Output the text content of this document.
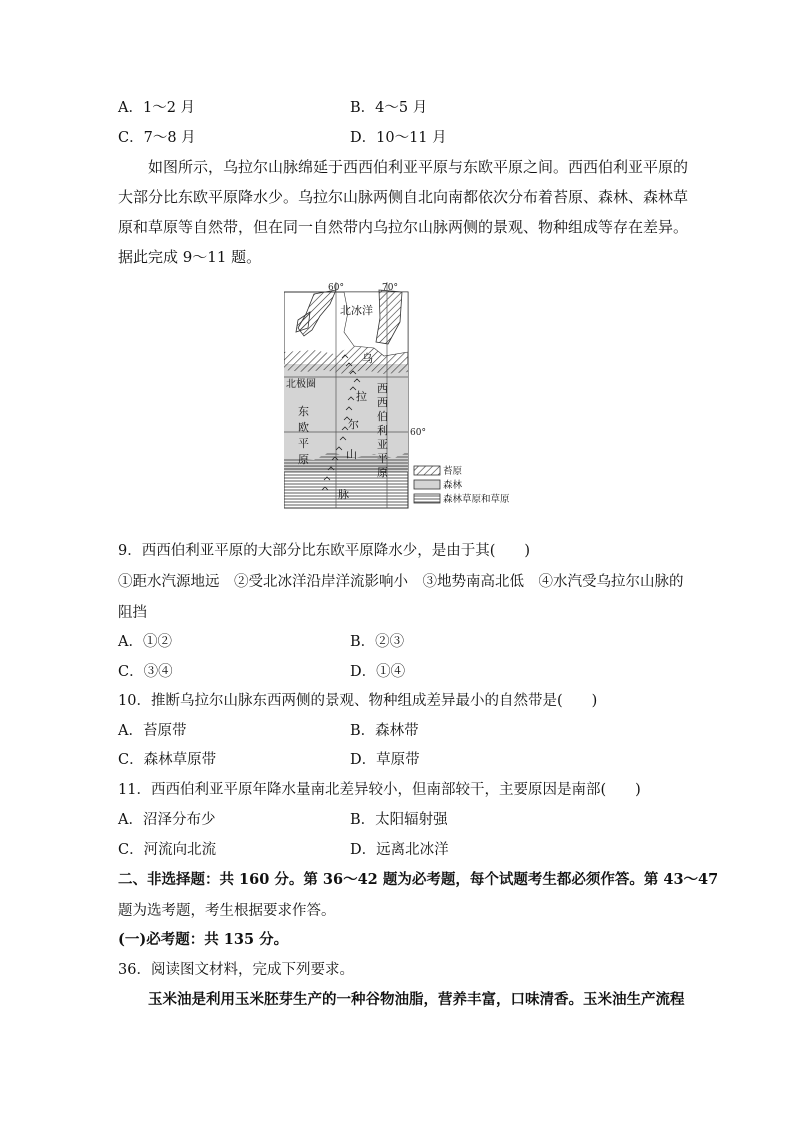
A．1～2 月	B．4～5 月
C．7～8 月	D．10～11 月
如图所示，乌拉尔山脉绵延于西西伯利亚平原与东欧平原之间。西西伯利亚平原的大部分比东欧平原降水少。乌拉尔山脉两侧自北向南都依次分布着苔原、森林、森林草原和草原等自然带，但在同一自然带内乌拉尔山脉两侧的景观、物种组成等存在差异。据此完成 9～11 题。
60°	70°
60°
北冰洋
北极圈
东
欧
平
原
西
西
伯
利
亚
平
原
乌
拉
尔
山
脉
苔原
森林
森林草原和草原
9．西西伯利亚平原的大部分比东欧平原降水少，是由于其(　　)
①距水汽源地远　②受北冰洋沿岸洋流影响小　③地势南高北低　④水汽受乌拉尔山脉的
阻挡
A．①②	B．②③
C．③④	D．①④
10．推断乌拉尔山脉东西两侧的景观、物种组成差异最小的自然带是(　　)
A．苔原带	B．森林带
C．森林草原带	D．草原带
11．西西伯利亚平原年降水量南北差异较小，但南部较干，主要原因是南部(　　)
A．沼泽分布少	B．太阳辐射强
C．河流向北流	D．远离北冰洋
二、非选择题：共 160 分。第 36～42 题为必考题，每个试题考生都必须作答。第 43～47
题为选考题，考生根据要求作答。
(一)必考题：共 135 分。
36．阅读图文材料，完成下列要求。
玉米油是利用玉米胚芽生产的一种谷物油脂，营养丰富，口味清香。玉米油生产流程
